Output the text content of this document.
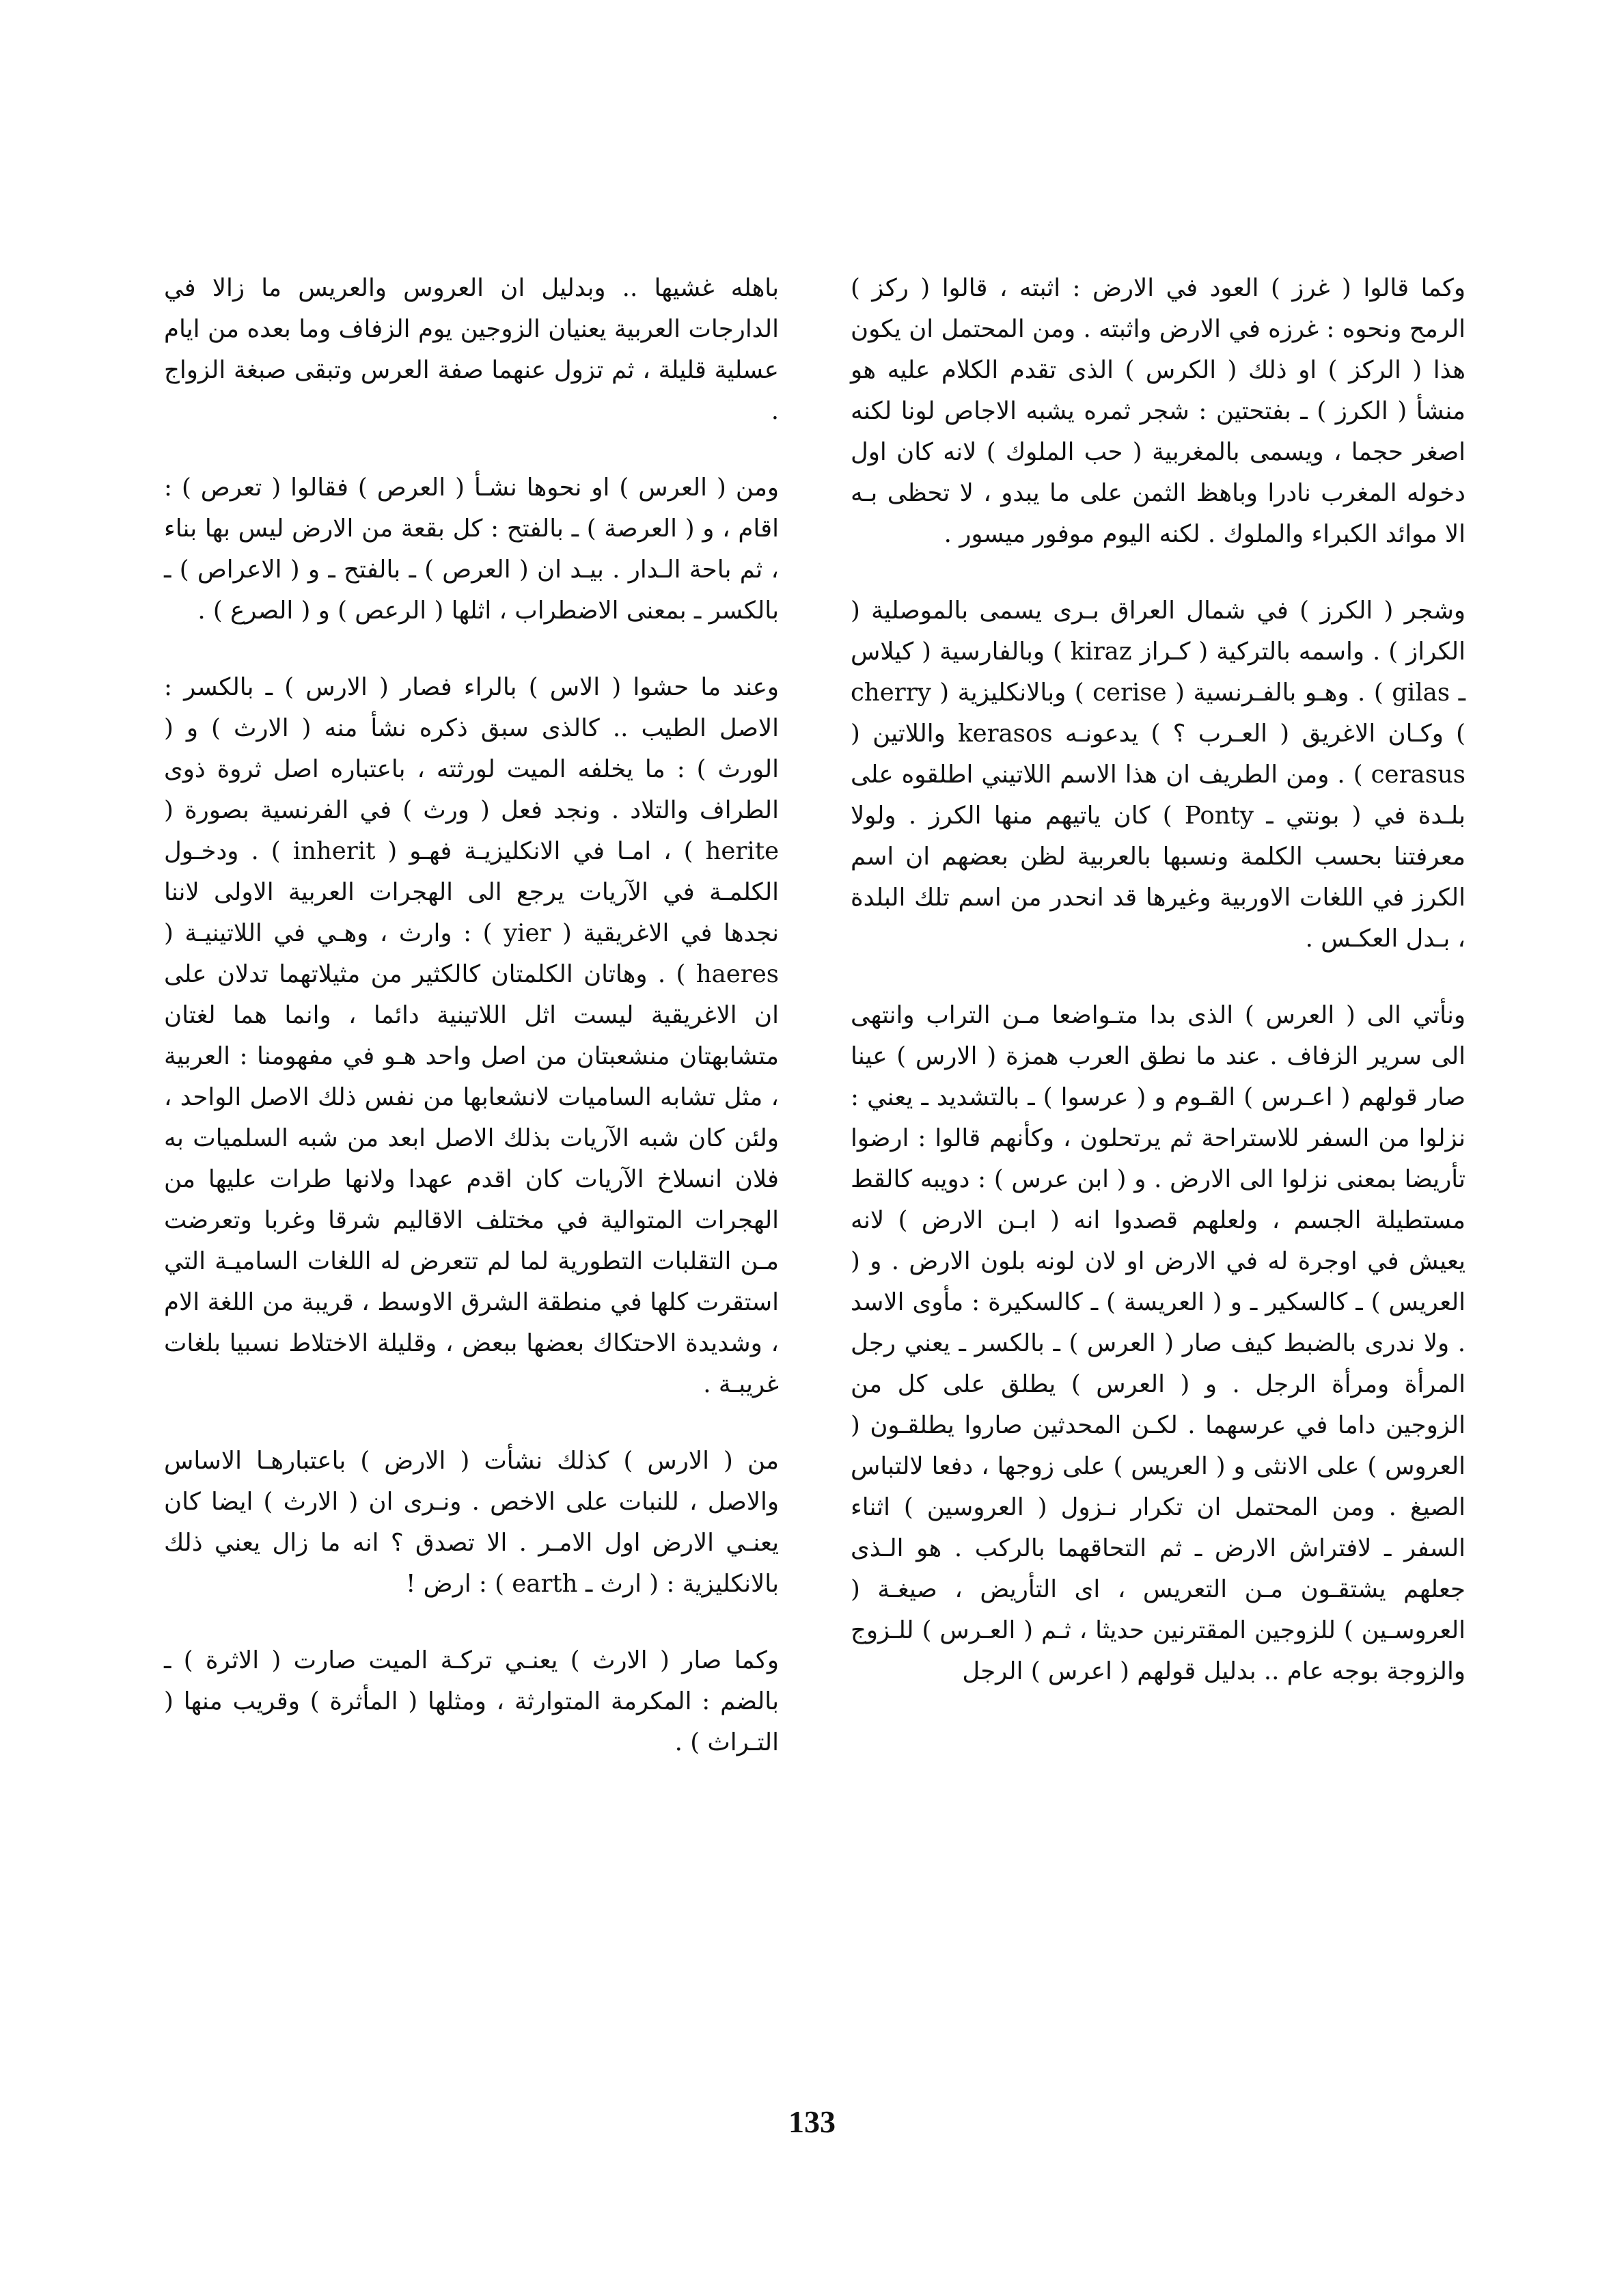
وكما قالوا ( غرز ) العود في الارض : اثبته ، قالوا ( ركز ) الرمح ونحوه : غرزه في الارض واثبته . ومن المحتمل ان يكون هذا ( الركز ) او ذلك ( الكرس ) الذى تقدم الكلام عليه هو منشأ ( الكرز ) ـ بفتحتين : شجر ثمره يشبه الاجاص لونا لكنه اصغر حجما ، ويسمى بالمغربية ( حب الملوك ) لانه كان اول دخوله المغرب نادرا وباهظ الثمن على ما يبدو ، لا تحظى بـه الا موائد الكبراء والملوك . لكنه اليوم موفور ميسور .

وشجر ( الكرز ) في شمال العراق بـرى يسمى بالموصلية ( الكراز ) . واسمه بالتركية ( كـراز kiraz ) وبالفارسية ( كيلاس ـ gilas ) . وهـو بالفـرنسية ( cerise ) وبالانكليزية ( cherry ) وكـان الاغريق ( العـرب ؟ ) يدعونـه kerasos واللاتين ( cerasus ) . ومن الطريف ان هذا الاسم اللاتيني اطلقوه على بلـدة في ( بونتي ـ Ponty ) كان ياتيهم منها الكرز . ولولا معرفتنا بحسب الكلمة ونسبها بالعربية لظن بعضهم ان اسم الكرز في اللغات الاوربية وغيرها قد انحدر من اسم تلك البلدة ، بـدل العكـس .

ونأتي الى ( العرس ) الذى بدا متـواضعا مـن التراب وانتهى الى سرير الزفاف . عند ما نطق العرب همزة ( الارس ) عينا صار قولهم ( اعـرس ) القـوم و ( عرسوا ) ـ بالتشديد ـ يعني : نزلوا من السفر للاستراحة ثم يرتحلون ، وكأنهم قالوا : ارضوا تأريضا بمعنى نزلوا الى الارض . و ( ابن عرس ) : دويبه كالقط مستطيلة الجسم ، ولعلهم قصدوا انه ( ابـن الارض ) لانه يعيش في اوجرة له في الارض او لان لونه بلون الارض . و ( العريس ) ـ كالسكير ـ و ( العريسة ) ـ كالسكيرة : مأوى الاسد . ولا ندرى بالضبط كيف صار ( العرس ) ـ بالكسر ـ يعني رجل المرأة ومرأة الرجل . و ( العرس ) يطلق على كل من الزوجين داما في عرسهما . لكـن المحدثين صاروا يطلقـون ( العروس ) على الانثى و ( العريس ) على زوجها ، دفعا لالتباس الصيغ . ومن المحتمل ان تكرار نـزول ( العروسين ) اثناء السفر ـ لافتراش الارض ـ ثم التحاقهما بالركب . هو الـذى جعلهم يشتقـون مـن التعريس ، اى التأريض ، صيغـة ( العروسـين ) للزوجين المقترنين حديثا ، ثـم ( العـرس ) للـزوج والزوجة بوجه عام .. بدليل قولهم ( اعرس ) الرجل

باهله غشيها .. وبدليل ان العروس والعريس ما زالا في الدارجات العربية يعنيان الزوجين يوم الزفاف وما بعده من ايام عسلية قليلة ، ثم تزول عنهما صفة العرس وتبقى صبغة الزواج .

ومن ( العرس ) او نحوها نشـأ ( العرص ) فقالوا ( تعرص ) : اقام ، و ( العرصة ) ـ بالفتح : كل بقعة من الارض ليس بها بناء ، ثم باحة الـدار . بيـد ان ( العرص ) ـ بالفتح ـ و ( الاعراص ) ـ بالكسر ـ بمعنى الاضطراب ، اثلها ( الرعص ) و ( الصرع ) .

وعند ما حشوا ( الاس ) بالراء فصار ( الارس ) ـ بالكسر : الاصل الطيب .. كالذى سبق ذكره نشأ منه ( الارث ) و ( الورث ) : ما يخلفه الميت لورثته ، باعتباره اصل ثروة ذوى الطراف والتلاد . ونجد فعل ( ورث ) في الفرنسية بصورة ( herite ) ، امـا في الانكليزيـة فهـو ( inherit ) . ودخـول الكلمـة في الآريات يرجع الى الهجرات العربية الاولى لاننا نجدها في الاغريقية ( yier ) : وارث ، وهـي في اللاتينيـة ( haeres ) . وهاتان الكلمتان كالكثير من مثيلاتهما تدلان على ان الاغريقية ليست اثل اللاتينية دائما ، وانما هما لغتان متشابهتان منشعبتان من اصل واحد هـو في مفهومنا : العربية ، مثل تشابه الساميات لانشعابها من نفس ذلك الاصل الواحد ، ولئن كان شبه الآريات بذلك الاصل ابعد من شبه السلميات به فلان انسلاخ الآريات كان اقدم عهدا ولانها طرات عليها من الهجرات المتوالية في مختلف الاقاليم شرقا وغربا وتعرضت مـن التقلبات التطورية لما لم تتعرض له اللغات الساميـة التي استقرت كلها في منطقة الشرق الاوسط ، قريبة من اللغة الام ، وشديدة الاحتكاك بعضها ببعض ، وقليلة الاختلاط نسبيا بلغات غريبـة .

من ( الارس ) كذلك نشأت ( الارض ) باعتبارهـا الاساس والاصل ، للنبات على الاخص . ونـرى ان ( الارث ) ايضا كان يعنـي الارض اول الامـر . الا تصدق ؟ انه ما زال يعني ذلك بالانكليزية : ( ارث ـ earth ) : ارض !

وكما صار ( الارث ) يعنـي تركـة الميت صارت ( الاثرة ) ـ بالضم : المكرمة المتوارثة ، ومثلها ( المأثرة ) وقريب منها ( التـراث ) .

133
